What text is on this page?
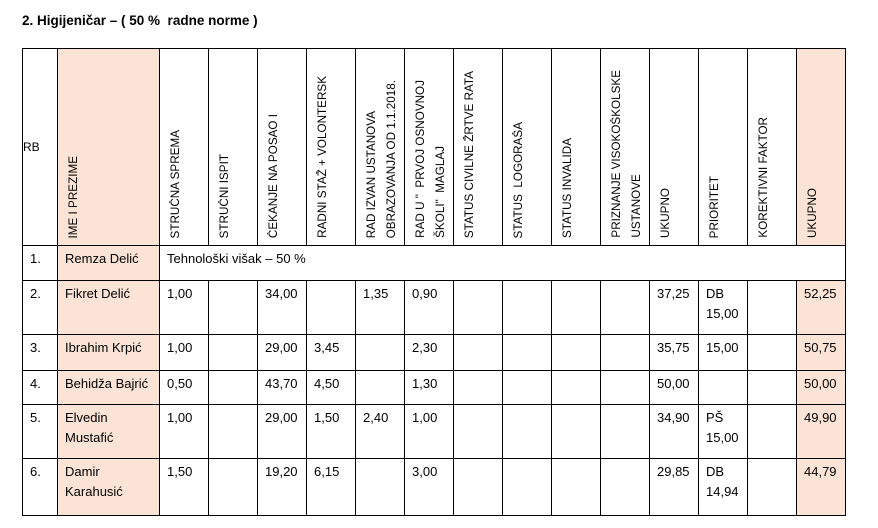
2. Higijeničar – ( 50 %  radne norme )
RB	IME I PREZIME	STRUČNA SPREMA	STRUČNI ISPIT	ČEKANJE NA POSAO I	RADNI STAŽ + VOLONTERSK	RAD IZVAN USTANOVA
OBRAZOVANJA OD 1.1.2018.	RAD U "  PRVOJ OSNOVNOJ
ŠKOLI"  MAGLAJ	STATUS CIVILNE ŽRTVE RATA	STATUS  LOGORAŠA	STATUS INVALIDA	PRIZNANJE VISOKOŠKOLSKE
USTANOVE	UKUPNO	PRIORITET	KOREKTIVNI FAKTOR	UKUPNO

1.	Remza Delić	Tehnološki višak – 50 %													
2.	Fikret Delić	1,00		34,00		1,35	0,90					37,25	DB 15,00		52,25
3.	Ibrahim Krpić	1,00		29,00	3,45		2,30					35,75	15,00		50,75
4.	Behidža Bajrić	0,50		43,70	4,50		1,30					50,00			50,00
5.	Elvedin Mustafić	1,00		29,00	1,50	2,40	1,00					34,90	PŠ 15,00		49,90
6.	Damir Karahusić	1,50		19,20	6,15		3,00					29,85	DB 14,94		44,79
